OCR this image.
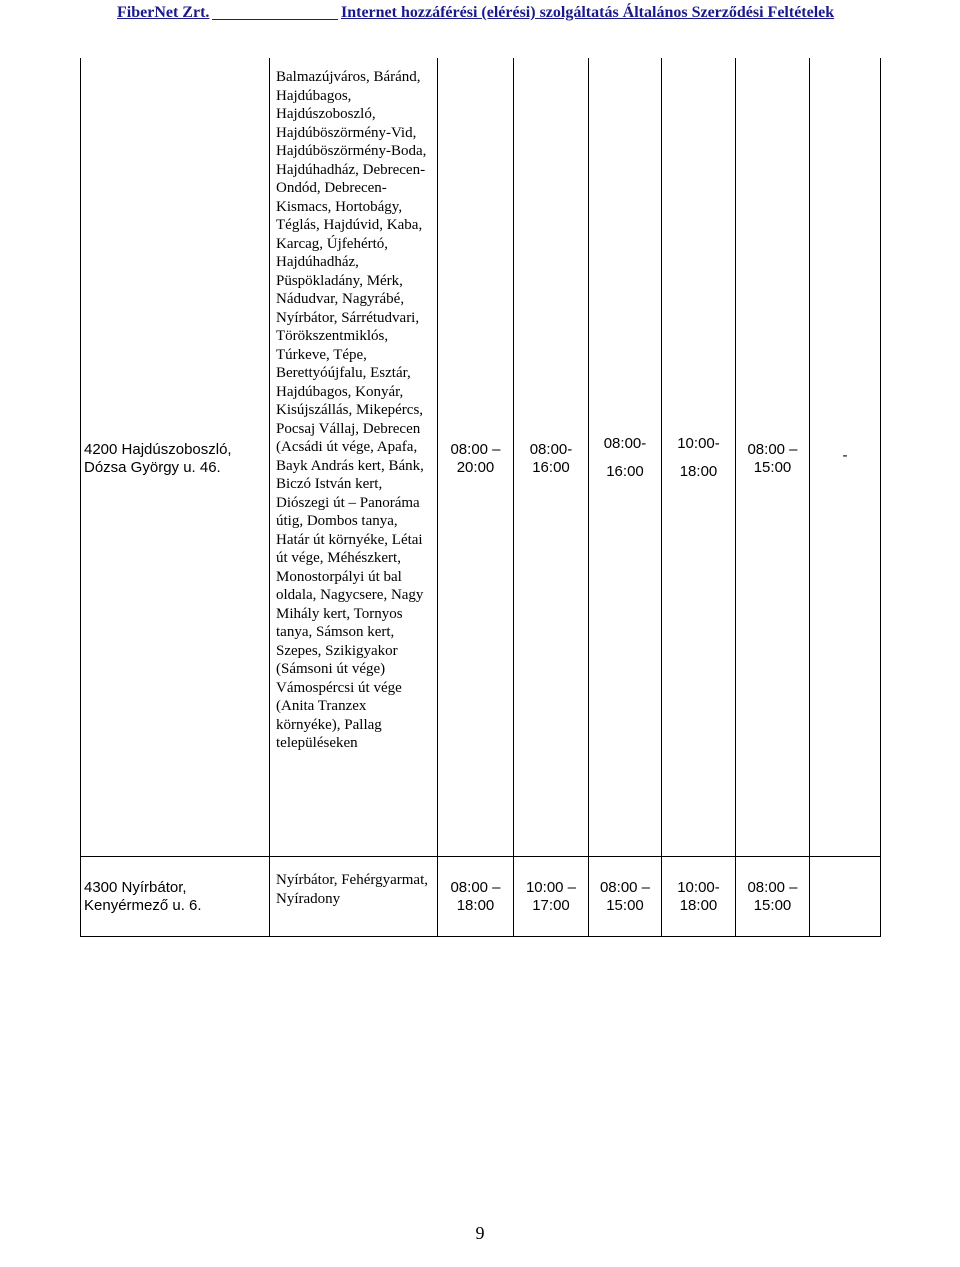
FiberNet Zrt.	Internet hozzáférési (elérési) szolgáltatás Általános Szerződési Feltételek
4200 Hajdúszoboszló, Dózsa György u. 46.
Balmazújváros, Báránd, Hajdúbagos, Hajdúszoboszló, Hajdúböszörmény-Vid, Hajdúböszörmény-Boda, Hajdúhadház, Debrecen-Ondód, Debrecen-Kismacs, Hortobágy, Téglás, Hajdúvid, Kaba, Karcag, Újfehértó, Hajdúhadház, Püspökladány, Mérk, Nádudvar, Nagyrábé, Nyírbátor, Sárrétudvari, Törökszentmiklós, Túrkeve, Tépe, Berettyóújfalu, Esztár, Hajdúbagos, Konyár, Kisújszállás, Mikepércs, Pocsaj Vállaj, Debrecen (Acsádi út vége, Apafa, Bayk András kert, Bánk, Biczó István kert, Diószegi út – Panoráma útig, Dombos tanya, Határ út környéke, Létai út vége, Méhészkert, Monostorpályi út bal oldala, Nagycsere, Nagy Mihály kert, Tornyos tanya, Sámson kert, Szepes, Szikigyakor (Sámsoni út vége) Vámospércsi út vége (Anita Tranzex környéke), Pallag településeken
08:00 –
20:00
08:00-
16:00
08:00-

16:00
10:00-

18:00
08:00 –
15:00
-
4300 Nyírbátor, Kenyérmező u. 6.
Nyírbátor, Fehérgyarmat, Nyíradony
08:00 –
18:00
10:00 –
17:00
08:00 –
15:00
10:00-
18:00
08:00 –
15:00
9
